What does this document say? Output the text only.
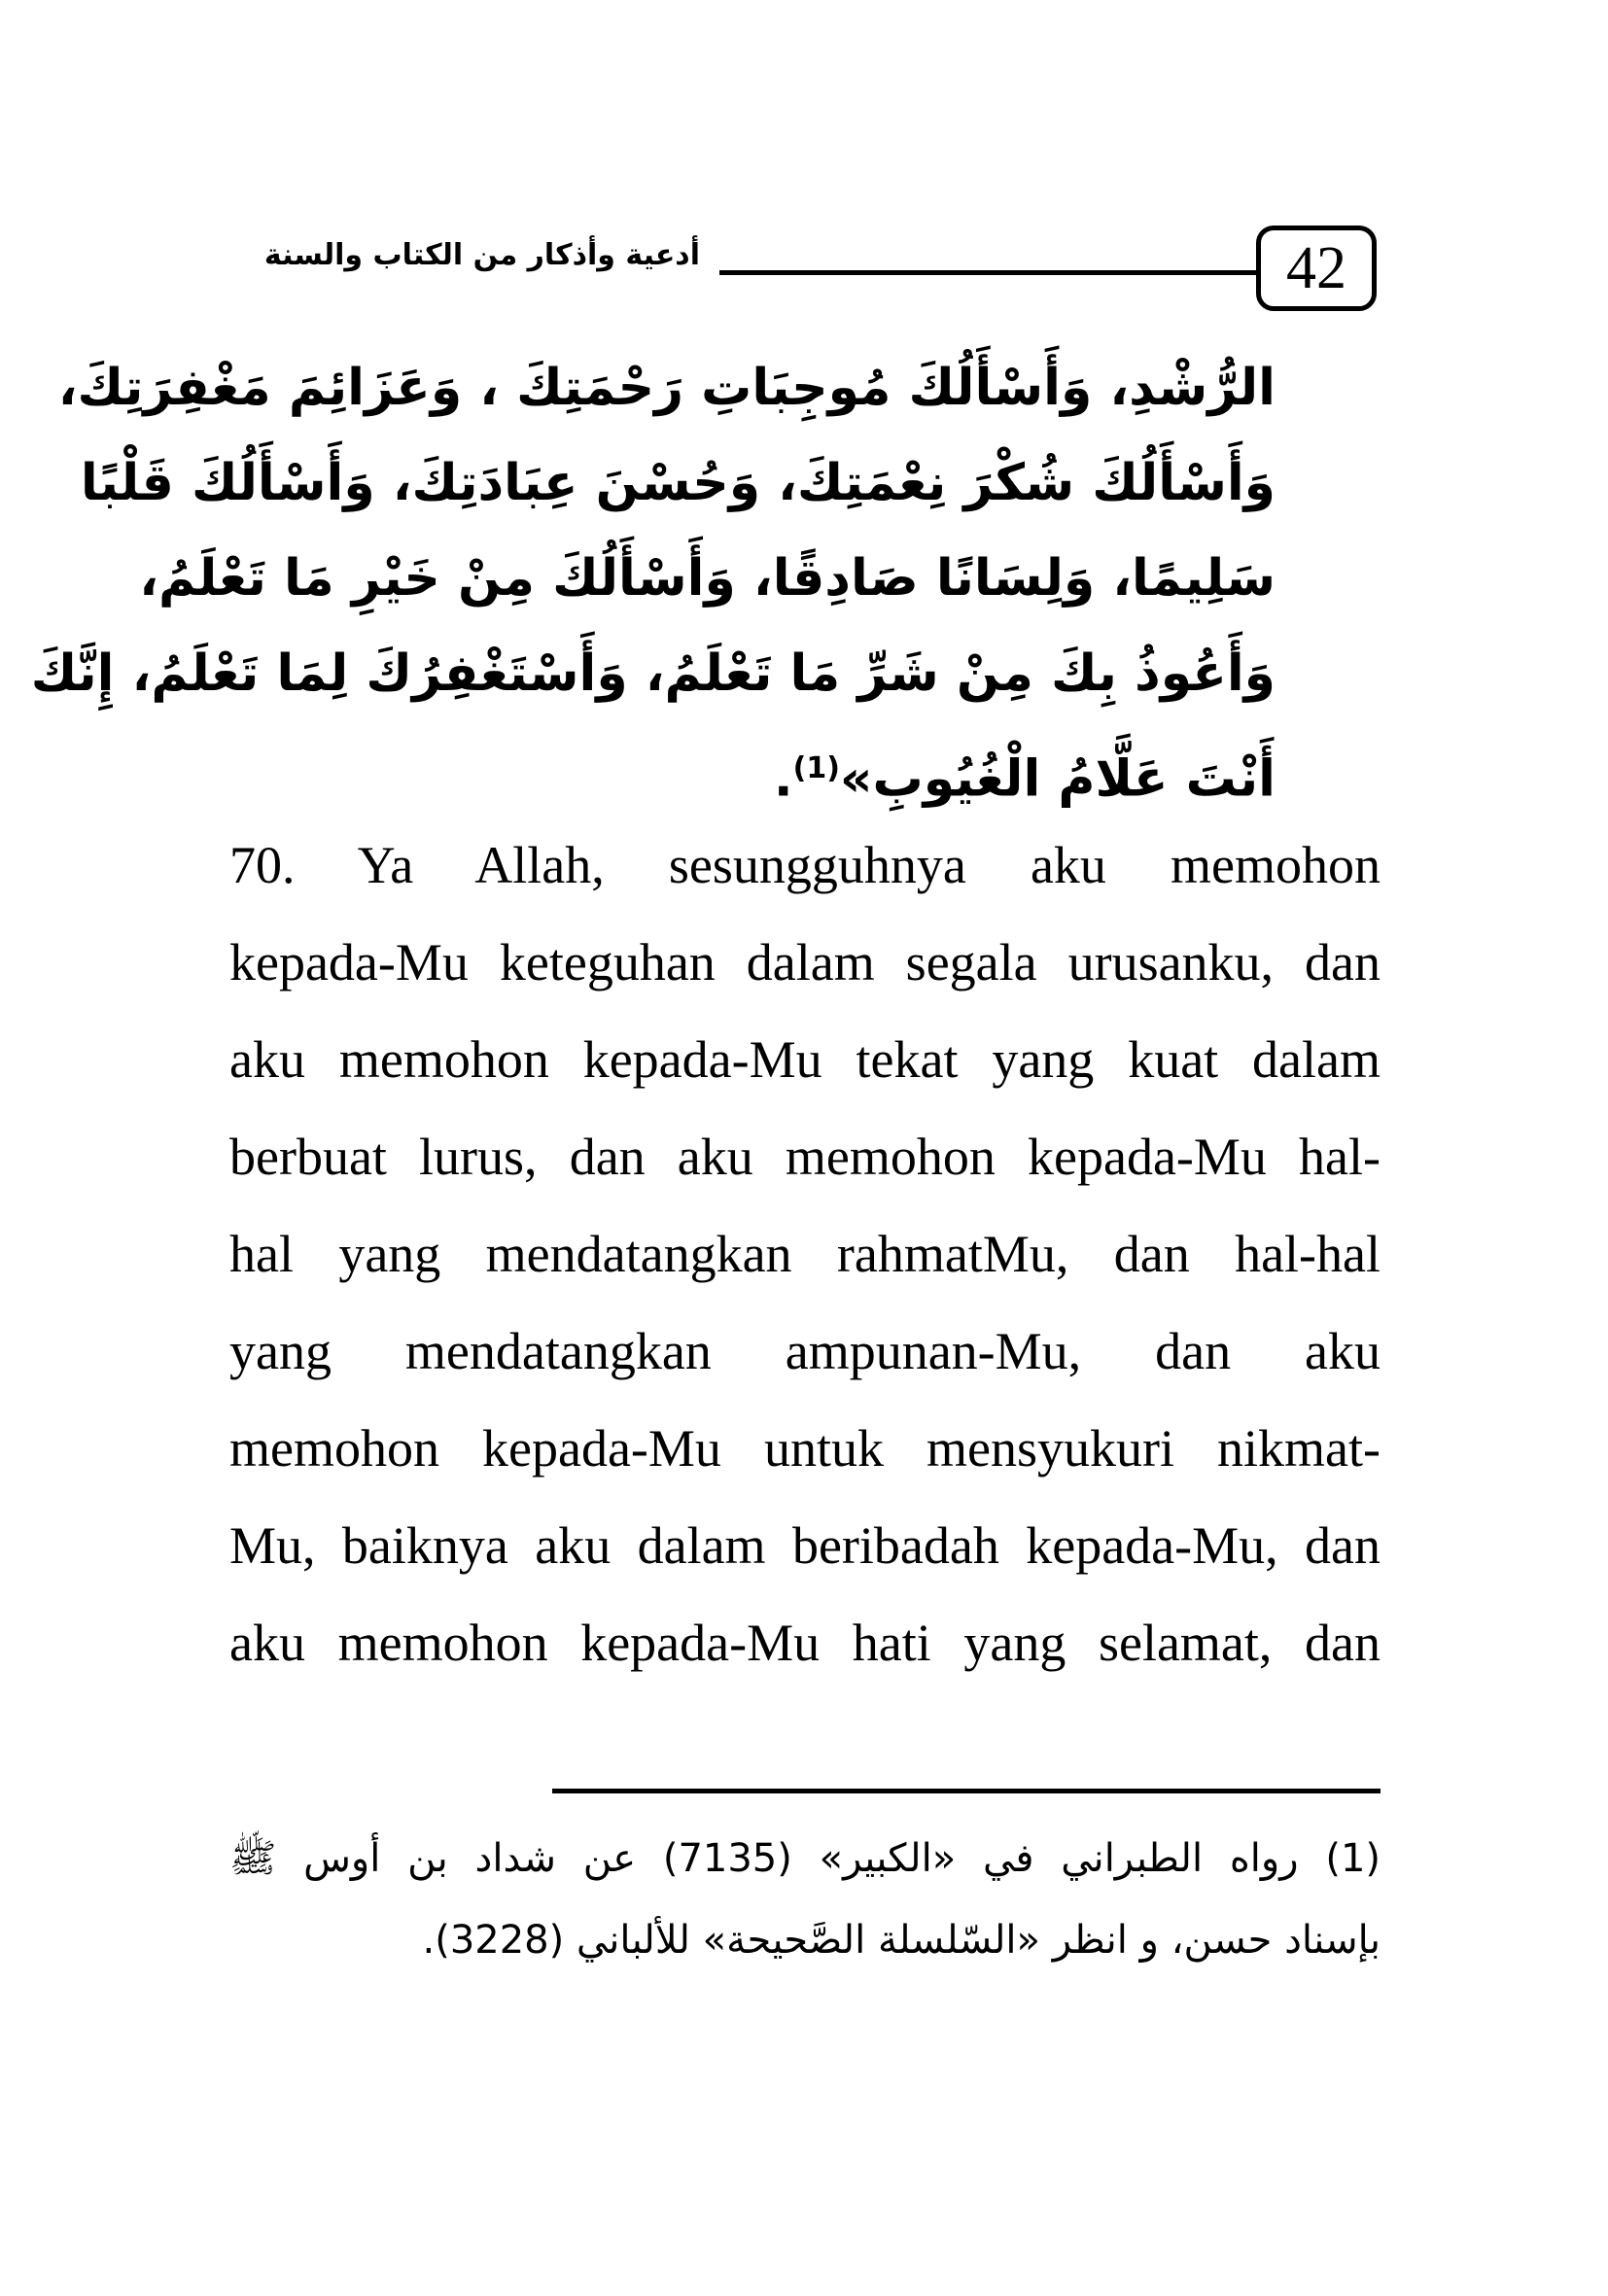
أدعية وأذكار من الكتاب والسنة	42
الرُّشْدِ، وَأَسْأَلُكَ مُوجِبَاتِ رَحْمَتِكَ ، وَعَزَائِمَ مَغْفِرَتِكَ،
وَأَسْأَلُكَ شُكْرَ نِعْمَتِكَ، وَحُسْنَ عِبَادَتِكَ، وَأَسْأَلُكَ قَلْبًا
سَلِيمًا، وَلِسَانًا صَادِقًا، وَأَسْأَلُكَ مِنْ خَيْرِ مَا تَعْلَمُ،
وَأَعُوذُ بِكَ مِنْ شَرِّ مَا تَعْلَمُ، وَأَسْتَغْفِرُكَ لِمَا تَعْلَمُ، إِنَّكَ
أَنْتَ عَلَّامُ الْغُيُوبِ»$^{(1)}$.
70. Ya Allah, sesungguhnya aku memohon
kepada-Mu keteguhan dalam segala urusanku, dan
aku memohon kepada-Mu tekat yang kuat dalam
berbuat lurus, dan aku memohon kepada-Mu hal-
hal yang mendatangkan rahmatMu, dan hal-hal
yang mendatangkan ampunan-Mu, dan aku
memohon kepada-Mu untuk mensyukuri nikmat-
Mu, baiknya aku dalam beribadah kepada-Mu, dan
aku memohon kepada-Mu hati yang selamat, dan
(1) رواه الطبراني في «الكبير» (7135) عن شداد بن أوس ﷺ
بإسناد حسن، و انظر «السّلسلة الصَّحيحة» للألباني (3228).
